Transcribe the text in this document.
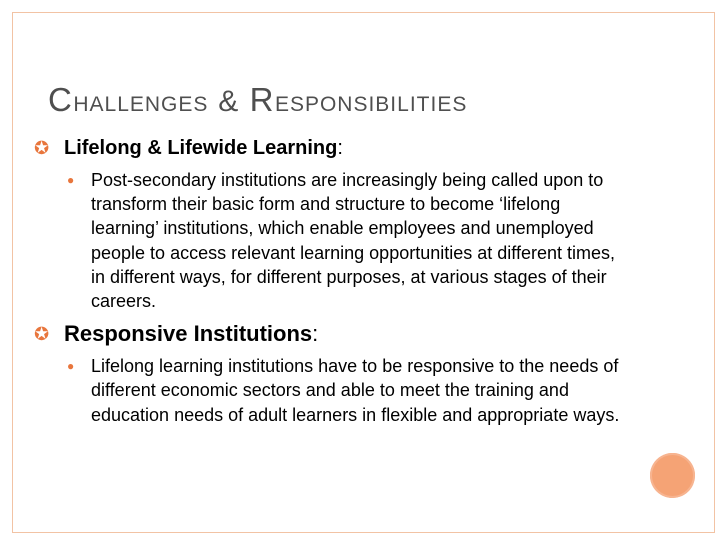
Challenges & Responsibilities
✪ Lifelong & Lifewide Learning:
● Post-secondary institutions are increasingly being called upon to transform their basic form and structure to become ‘lifelong learning’ institutions, which enable employees and unemployed people to access relevant learning opportunities at different times, in different ways, for different purposes, at various stages of their careers.
✪ Responsive Institutions:
● Lifelong learning institutions have to be responsive to the needs of different economic sectors and able to meet the training and education needs of adult learners in flexible and appropriate ways.
